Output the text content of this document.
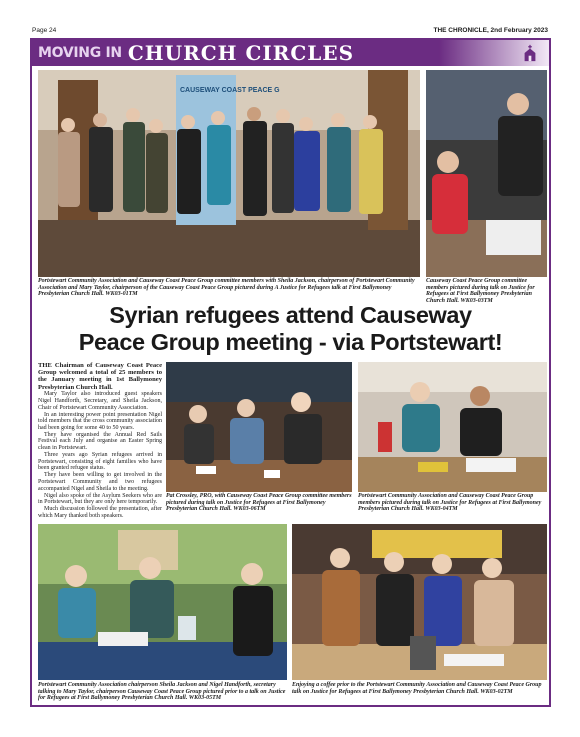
Page 24	THE CHRONICLE, 2nd February 2023
MOVING IN CHURCH CIRCLES
CAUSEWAY COAST PEACE G
Portstewart Community Association and Causeway Coast Peace Group committee members with Sheila Jackson, chairperson of Portstewart Community Association and Mary Taylor, chairperson of the Causeway Coast Peace Group pictured during A Justice for Refugees talk at First Ballymoney Presbyterian Church Hall. WK03-01TM
Causeway Coast Peace Group committee members pictured during talk on Justice for Refugees at First Ballymoney Presbyterian Church Hall. WK03-03TM
Syrian refugees attend Causeway
Peace Group meeting - via Portstewart!

THE Chairman of Causeway Coast Peace Group welcomed a total of 25 members to the January meeting in 1st Ballymoney Presbyterian Church Hall.

Mary Taylor also introduced guest speakers Nigel Handforth, Secretary, and Sheila Jackson, Chair of Portstewart Community Association.

In an interesting power point presentation Nigel told members that the cross community association had been going for some 40 to 50 years.

They have organised the Annual Red Sails Festival each July and organise an Easter Spring clean in Portstewart.

Three years ago Syrian refugees arrived in Portstewart, consisting of eight families who have been granted refugee status.

They have been willing to get involved in the Portstewart Community and two refugees accompanied Nigel and Sheila to the meeting.

Nigel also spoke of the Asylum Seekers who are in Portstewart, but they are only here temporarily.

Much discussion followed the presentation, after which Mary thanked both speakers.

Pat Crossley, PRO, with Causeway Coast Peace Group committee members pictured during talk on Justice for Refugees at First Ballymoney Presbyterian Church Hall. WK03-06TM
Portstewart Community Association and Causeway Coast Peace Group members pictured during talk on Justice for Refugees at First Ballymoney Presbyterian Church Hall. WK03-04TM
Portstewart Community Association chairperson Sheila Jackson and Nigel Handforth, secretary talking to Mary Taylor, chairperson Causeway Coast Peace Group pictured prior to a talk on Justice for Refugees at First Ballymoney Presbyterian Church Hall. WK03-05TM
Enjoying a coffee prior to the Portstewart Community Association and Causeway Coast Peace Group talk on Justice for Refugees at First Ballymoney Presbyterian Church Hall. WK03-02TM
